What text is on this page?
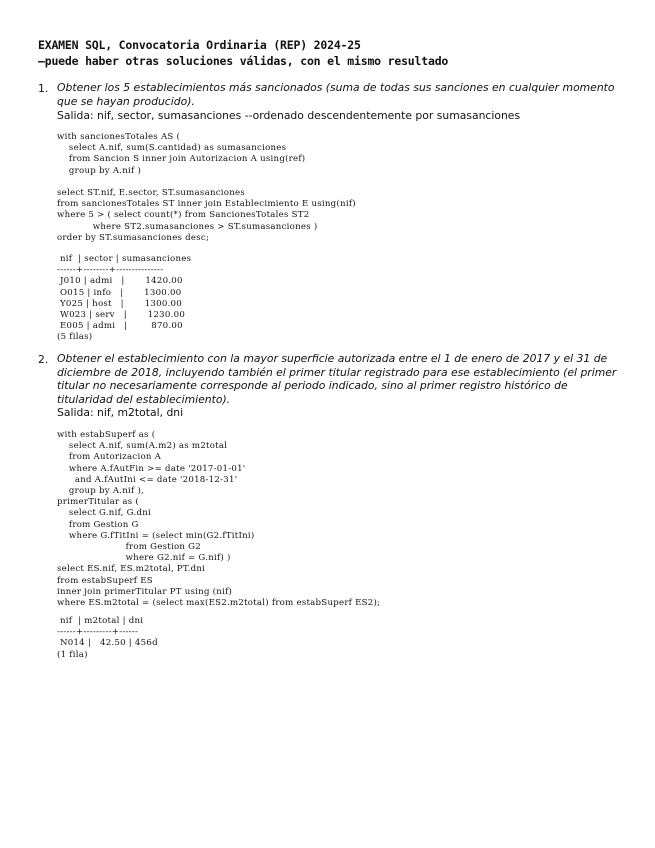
EXAMEN SQL, Convocatoria Ordinaria (REP) 2024-25
—puede haber otras soluciones válidas, con el mismo resultado
1. Obtener los 5 establecimientos más sancionados (suma de todas sus sanciones en cualquier momento que se hayan producido).
Salida: nif, sector, sumasanciones --ordenado descendentemente por sumasanciones
with sancionesTotales AS (
select A.nif, sum(S.cantidad) as sumasanciones
from Sancion S inner join Autorizacion A using(ref)
group by A.nif )

select ST.nif, E.sector, ST.sumasanciones
from sancionesTotales ST inner join Establecimiento E using(nif)
where 5 > ( select count(*) from SancionesTotales ST2
where ST2.sumasanciones > ST.sumasanciones )
order by ST.sumasanciones desc;
nif  | sector | sumasanciones
------+--------+---------------
J010 | admi   |       1420.00
O015 | info   |       1300.00
Y025 | host   |       1300.00
W023 | serv   |       1230.00
E005 | admi   |        870.00
(5 filas)
2. Obtener el establecimiento con la mayor superficie autorizada entre el 1 de enero de 2017 y el 31 de diciembre de 2018, incluyendo también el primer titular registrado para ese establecimiento (el primer titular no necesariamente corresponde al periodo indicado, sino al primer registro histórico de titularidad del establecimiento).
Salida: nif, m2total, dni
with estabSuperf as (
select A.nif, sum(A.m2) as m2total
from Autorizacion A
where A.fAutFin >= date '2017-01-01'
and A.fAutIni <= date '2018-12-31'
group by A.nif ),
primerTitular as (
select G.nif, G.dni
from Gestion G
where G.fTitIni = (select min(G2.fTitIni)
from Gestion G2
where G2.nif = G.nif) )
select ES.nif, ES.m2total, PT.dni
from estabSuperf ES
inner join primerTitular PT using (nif)
where ES.m2total = (select max(ES2.m2total) from estabSuperf ES2);
nif  | m2total | dni
------+---------+------
N014 |   42.50 | 456d
(1 fila)
